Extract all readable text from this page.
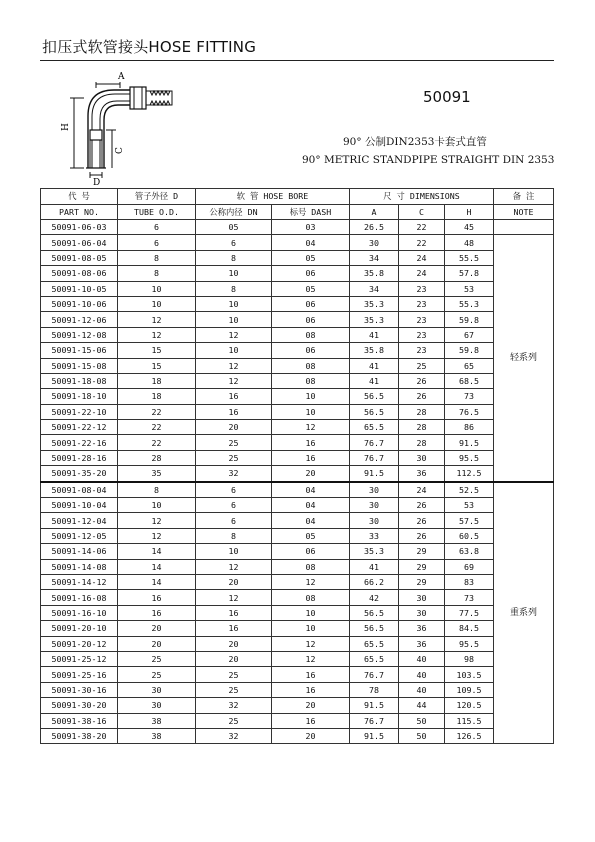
扣压式软管接头HOSE FITTING
A
H
C
D
50091
90° 公制DIN2353卡套式直管
90° METRIC STANDPIPE STRAIGHT DIN 2353
代 号	管子外径 D	软 管 HOSE BORE		尺 寸 DIMENSIONS			备 注
PART NO.	TUBE O.D.	公称内径 DN	标号 DASH	A	C	H	NOTE
50091-06-03	6	05	03	26.5	22	45	
50091-06-04	6	6	04	30	22	48	轻系列
50091-08-05	8	8	05	34	24	55.5	
50091-08-06	8	10	06	35.8	24	57.8	
50091-10-05	10	8	05	34	23	53	
50091-10-06	10	10	06	35.3	23	55.3	
50091-12-06	12	10	06	35.3	23	59.8	
50091-12-08	12	12	08	41	23	67	
50091-15-06	15	10	06	35.8	23	59.8	
50091-15-08	15	12	08	41	25	65	
50091-18-08	18	12	08	41	26	68.5	
50091-18-10	18	16	10	56.5	26	73	
50091-22-10	22	16	10	56.5	28	76.5	
50091-22-12	22	20	12	65.5	28	86	
50091-22-16	22	25	16	76.7	28	91.5	
50091-28-16	28	25	16	76.7	30	95.5	
50091-35-20	35	32	20	91.5	36	112.5	
50091-08-04	8	6	04	30	24	52.5	重系列
50091-10-04	10	6	04	30	26	53	
50091-12-04	12	6	04	30	26	57.5	
50091-12-05	12	8	05	33	26	60.5	
50091-14-06	14	10	06	35.3	29	63.8	
50091-14-08	14	12	08	41	29	69	
50091-14-12	14	20	12	66.2	29	83	
50091-16-08	16	12	08	42	30	73	
50091-16-10	16	16	10	56.5	30	77.5	
50091-20-10	20	16	10	56.5	36	84.5	
50091-20-12	20	20	12	65.5	36	95.5	
50091-25-12	25	20	12	65.5	40	98	
50091-25-16	25	25	16	76.7	40	103.5	
50091-30-16	30	25	16	78	40	109.5	
50091-30-20	30	32	20	91.5	44	120.5	
50091-38-16	38	25	16	76.7	50	115.5	
50091-38-20	38	32	20	91.5	50	126.5	
